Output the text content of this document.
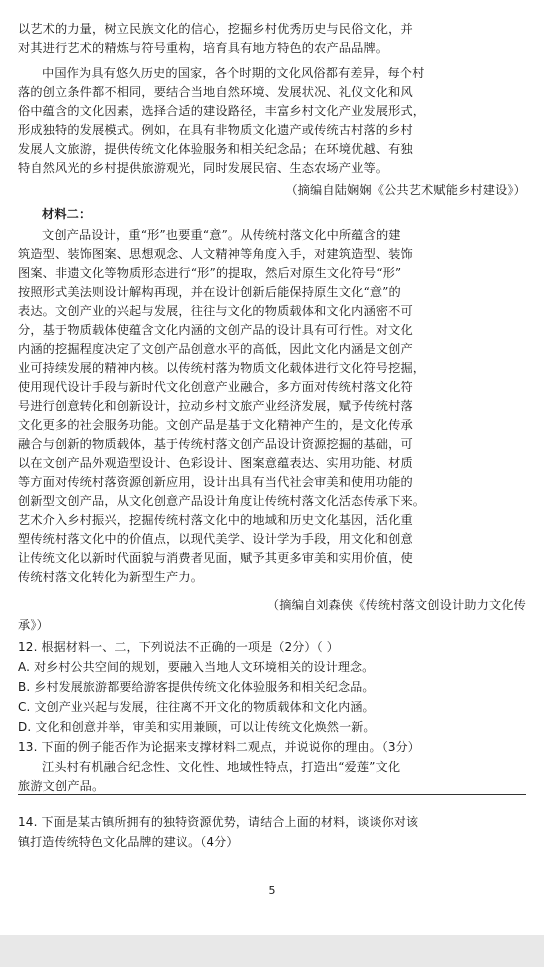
以艺术的力量，树立民族文化的信心，挖掘乡村优秀历史与民俗文化，并
对其进行艺术的精炼与符号重构，培育具有地方特色的农产品品牌。
中国作为具有悠久历史的国家，各个时期的文化风俗都有差异，每个村
落的创立条件都不相同，要结合当地自然环境、发展状况、礼仪文化和风
俗中蕴含的文化因素，选择合适的建设路径，丰富乡村文化产业发展形式，
形成独特的发展模式。例如，在具有非物质文化遗产或传统古村落的乡村
发展人文旅游，提供传统文化体验服务和相关纪念品；在环境优越、有独
特自然风光的乡村提供旅游观光，同时发展民宿、生态农场产业等。
（摘编自陆娴娴《公共艺术赋能乡村建设》）
材料二：
文创产品设计，重“形”也要重“意”。从传统村落文化中所蕴含的建
筑造型、装饰图案、思想观念、人文精神等角度入手，对建筑造型、装饰
图案、非遗文化等物质形态进行“形”的提取，然后对原生文化符号“形”
按照形式美法则设计解构再现，并在设计创新后能保持原生文化“意”的
表达。文创产业的兴起与发展，往往与文化的物质载体和文化内涵密不可
分，基于物质载体使蕴含文化内涵的文创产品的设计具有可行性。对文化
内涵的挖掘程度决定了文创产品创意水平的高低，因此文化内涵是文创产
业可持续发展的精神内核。以传统村落为物质文化载体进行文化符号挖掘，
使用现代设计手段与新时代文化创意产业融合，多方面对传统村落文化符
号进行创意转化和创新设计，拉动乡村文旅产业经济发展，赋予传统村落
文化更多的社会服务功能。文创产品是基于文化精神产生的，是文化传承
融合与创新的物质载体，基于传统村落文创产品设计资源挖掘的基础，可
以在文创产品外观造型设计、色彩设计、图案意蕴表达、实用功能、材质
等方面对传统村落资源创新应用，设计出具有当代社会审美和使用功能的
创新型文创产品，从文化创意产品设计角度让传统村落文化活态传承下来。
艺术介入乡村振兴，挖掘传统村落文化中的地域和历史文化基因，活化重
塑传统村落文化中的价值点，以现代美学、设计学为手段，用文化和创意
让传统文化以新时代面貌与消费者见面，赋予其更多审美和实用价值，使
传统村落文化转化为新型生产力。
（摘编自刘森侠《传统村落文创设计助力文化传
承》）
12. 根据材料一、二，下列说法不正确的一项是（2分）（ ）
A. 对乡村公共空间的规划，要融入当地人文环境相关的设计理念。
B. 乡村发展旅游都要给游客提供传统文化体验服务和相关纪念品。
C. 文创产业兴起与发展，往往离不开文化的物质载体和文化内涵。
D. 文化和创意并举，审美和实用兼顾，可以让传统文化焕然一新。
13. 下面的例子能否作为论据来支撑材料二观点，并说说你的理由。（3分）
江头村有机融合纪念性、文化性、地域性特点，打造出“爱莲”文化
旅游文创产品。
14. 下面是某古镇所拥有的独特资源优势，请结合上面的材料，谈谈你对该
镇打造传统特色文化品牌的建议。（4分）
5
